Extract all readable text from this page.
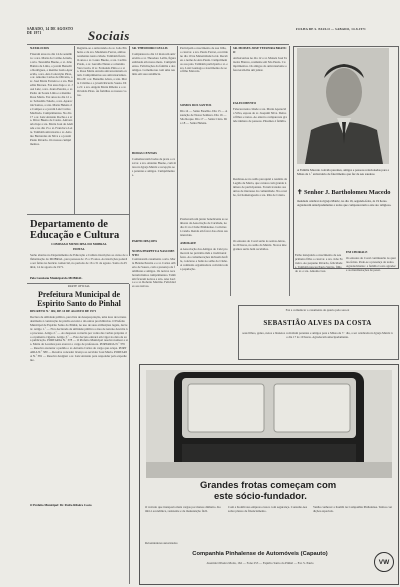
SABADO, 14 DE AGOSTO DE 1971	Sociais	FOLHA DE S. PAULO — SABADO, 14-8-1971
NATALICIOS
Fizeram anos no dia 14 de setembro: a sra. Maria do Carmo Arruda, a srta. Teresinha Bueno, o sr. João Batista de Lima, o jovem Benedito Rodrigues, a menina Luzia Aparecida, a sra. Ana Conceição Pires, o sr. Antonio Carlos de Oliveira, o sr. José Maria Ferreira e a sra. Benedita Moraes. Faz anos hoje o sr. José Luiz, a sra. Joana Pereira, o sr. Pedro de Souza Lima e a menina Rosa Maria. Fez anos no dia 12 o sr. Sebastião Toledo, a sra. Aparecida Santos, a srta. Maria Helena de Campos e o jovem Luiz Carlos Machado. Cumprimentos. No dia 17 o sr. Luiz Antonio Rocha e a sra. Dirce Bueno de Castro. Aniversaria hoje a sra. Maria José de Andrade e no dia 15 o sr. Francisco Leite. Também aniversaria o sr. Antonio Bernardes da Silva e o jovem Paulo Ricardo. Os nossos cumprimentos.
Registra-se o aniversário do sr. João Pinheiro e da sra. Madalena Ferraz, ambos residentes nesta cidade. Também fizeram anos o sr. Lauro Bueno, a sra. Cecilia Prado, o sr. Geraldo Nunes e a menina Vera Lucia. O sr. Fernando Pinto e a sra. Rosa Maria Arruda aniversariaram ontem. Cumprimentos aos aniversariantes. Dia 20: o sr. Benedito Alves, a srta. Marta Cristina e o jovem Ricardo Souza. Dia 21: a sra. Angela Maria Ribeiro e o sr. Osvaldo Pires. Às famílias os nossos votos.
SR. THEODORO LELLIS
Completou no dia 12 mais um aniversário o sr. Theodoro Lellis, figura estimada em nosso meio. Cumprimentos. Felicitações da família e dos amigos. Comemorou com uma reunião em sua residência.
BODAS CENTAIS
Comemoraram bodas de prata o casal sr. e sra. Antonio Bueno, com missa na Igreja Matriz e recepção aos parentes e amigos. Cumprimentos.
Participam o nascimento de sua filha, o casal sr. e sra. Paulo Ferraz, ocorrido no dia 10 na Maternidade local. Recebeu o nome de Ana Paula. Cumprimentos aos pais. Também participam o sr. e sra. Luiz Gonzaga o nascimento de seu filho Marcelo.
SOMOS DOS SANTOS
Dia 14 — Santo Eusébio. Dia 15 — Assunção de Nossa Senhora. Dia 16 — São Roque. Dia 17 — Santa Clara. Dia 18 — Santa Helena.
SR. MOISES JOSE TEIXEIRA BRANCO
Aniversariou no dia 12 o sr. Moisés José Teixeira Branco, residente em São Paulo. Cumprimentos. Os amigos do aniversariante ofereceram-lhe um jantar.
FALECIMENTO
Faleceu nesta cidade a sra. Maria Aparecida Silva, esposa do sr. Joaquim Silva. Deixou filhos e netos. Ao enterro compareceu grande número de pessoas. Pêsames à família.
A Família Macedo convida parentes, amigos e pessoas relacionadas para a Missa de 1.º aniversário de falecimento que faz de seu saudoso
✝ Senhor J. Bartholomeu Macedo
mandada celebrar na Igreja Matriz, no dia 16, segunda-feira, às 19 horas. Agradecem antecipadamente a todos que comparecerem a este ato religioso.
Departamento de Educação e Cultura
COMISSÃO MUNICIPAL DO MOBRAL
EDITAL
Serão abertas no Departamento de Educação e Cultura inscrições ao curso de alfabetização do MOBRAL, para pessoas de 15 a 35 anos. As inscrições poderão ser feitas no horário comercial, no período de 16 a 31 de agosto. Santo do Pinhal, 14 de agosto de 1971.
Pela Comissão Municipal do MOBRAL
PARTE OFICIAL
Prefeitura Municipal de Espirito Santo do Pinhal
DECRETO N.º 402, DE 14 DE AGOSTO DE 1971
Declara de utilidade pública, para fins de desapropriação, uma área de terreno destinada à construção de prédio escolar e dá outras providências. O Prefeito Municipal de Espírito Santo do Pinhal, no uso de suas atribuições legais, decreta: Artigo 1.º — Fica declarada de utilidade pública a área de terreno descrita no processo. Artigo 2.º — As despesas correrão por conta das verbas próprias do orçamento vigente. Artigo 3.º — Este decreto entrará em vigor na data de sua publicação. PORTARIA N.º 378 — O Prefeito Municipal resolve nomear a sra. Maria de Lourdes para exercer o cargo de professora. PORTARIA N.º 379 — Resolve exonerar a pedido o sr. Antonio Carlos do cargo que ocupa. PORTARIA N.º 380 — Resolve conceder licença ao servidor José Maria. PORTARIA N.º 381 — Resolve designar o sr. Luiz Antonio para responder pelo expediente.
O Prefeito Municipal: Dr. Pedro Ribeiro Costa
PARTICIPAÇÕES
NOIVA PERPETUA NASCIMENTO
Contrataram casamento a srta. Maria Helena Pereira e o sr. Carlos Alberto de Souza, com a presença de familiares e amigos. Os noivos receberam muitos cumprimentos. Também ficaram noivos a srta. Ana Lucia e o sr. Roberto Martins. Felicidades aos noivos.
Promovem um jantar beneficente as senhoras da Associação de Caridade, no dia 21 no Clube Pinhalense. Convites à venda. Renda em favor das obras assistenciais.
AMOKAFE
A Associação dos Amigos do Café promoverá no próximo mês a tradicional festa. As comemorações incluem desfile, concurso e baile no salão do Clube. A comissão organizadora convida toda a população.
Realizou-se no salão paroquial a reunião da Legião de Maria, que contou com grande número de participantes. Foram tratados assuntos de interesse da comunidade. Na ocasião, foi homenageada a sra. Rita de Cássia.
Os ensaios do Coral serão às sextas-feiras, às 20 horas, no salão da Matriz. Novos integrantes serão bem recebidos.
Estão festejando o nascimento de seu primeiro filho o casal sr. e sra. João Ferreira. Ao pequeno Ricardo, felicidades. Também nasceu Paulo Sérgio, filho do sr. e sra. Antonio Luz.
EM CHORALE
Os ensaios do Coral continuarão às quartas-feiras. Pede-se a presença de todos. Agradecimento: a família Costa agradece as manifestações de pesar.
Faz a comunicar o casamento de quarto pelo seu ex
SEBASTIÃO ALVES DA COSTA
seus filhos, genro, netos e bisnetos convidam parentes e amigos para a Missa de 7.º dia, a ser celebrada na Igreja Matriz no dia 17 às 19 horas. Agradecem antecipadamente.
Grandes frotas começam com
este sócio-fundador.
O veículo que transporta mais cargas por menos dinheiro. Kombi é econômica, resistente e de manutenção fácil.
Com a Kombi sua empresa cresce com segurança. Consulte-nos sobre planos de financiamento.
Venha conhecer a Kombi na Companhia Pinhalense. Temos condições especiais.
Revendedores autorizados
Companhia Pinhalense de Automóveis (Capauto)
Avenida Oliveira Motta, 162 — Fone 253 — Espírito Santo do Pinhal — Est. S. Paulo	VW
